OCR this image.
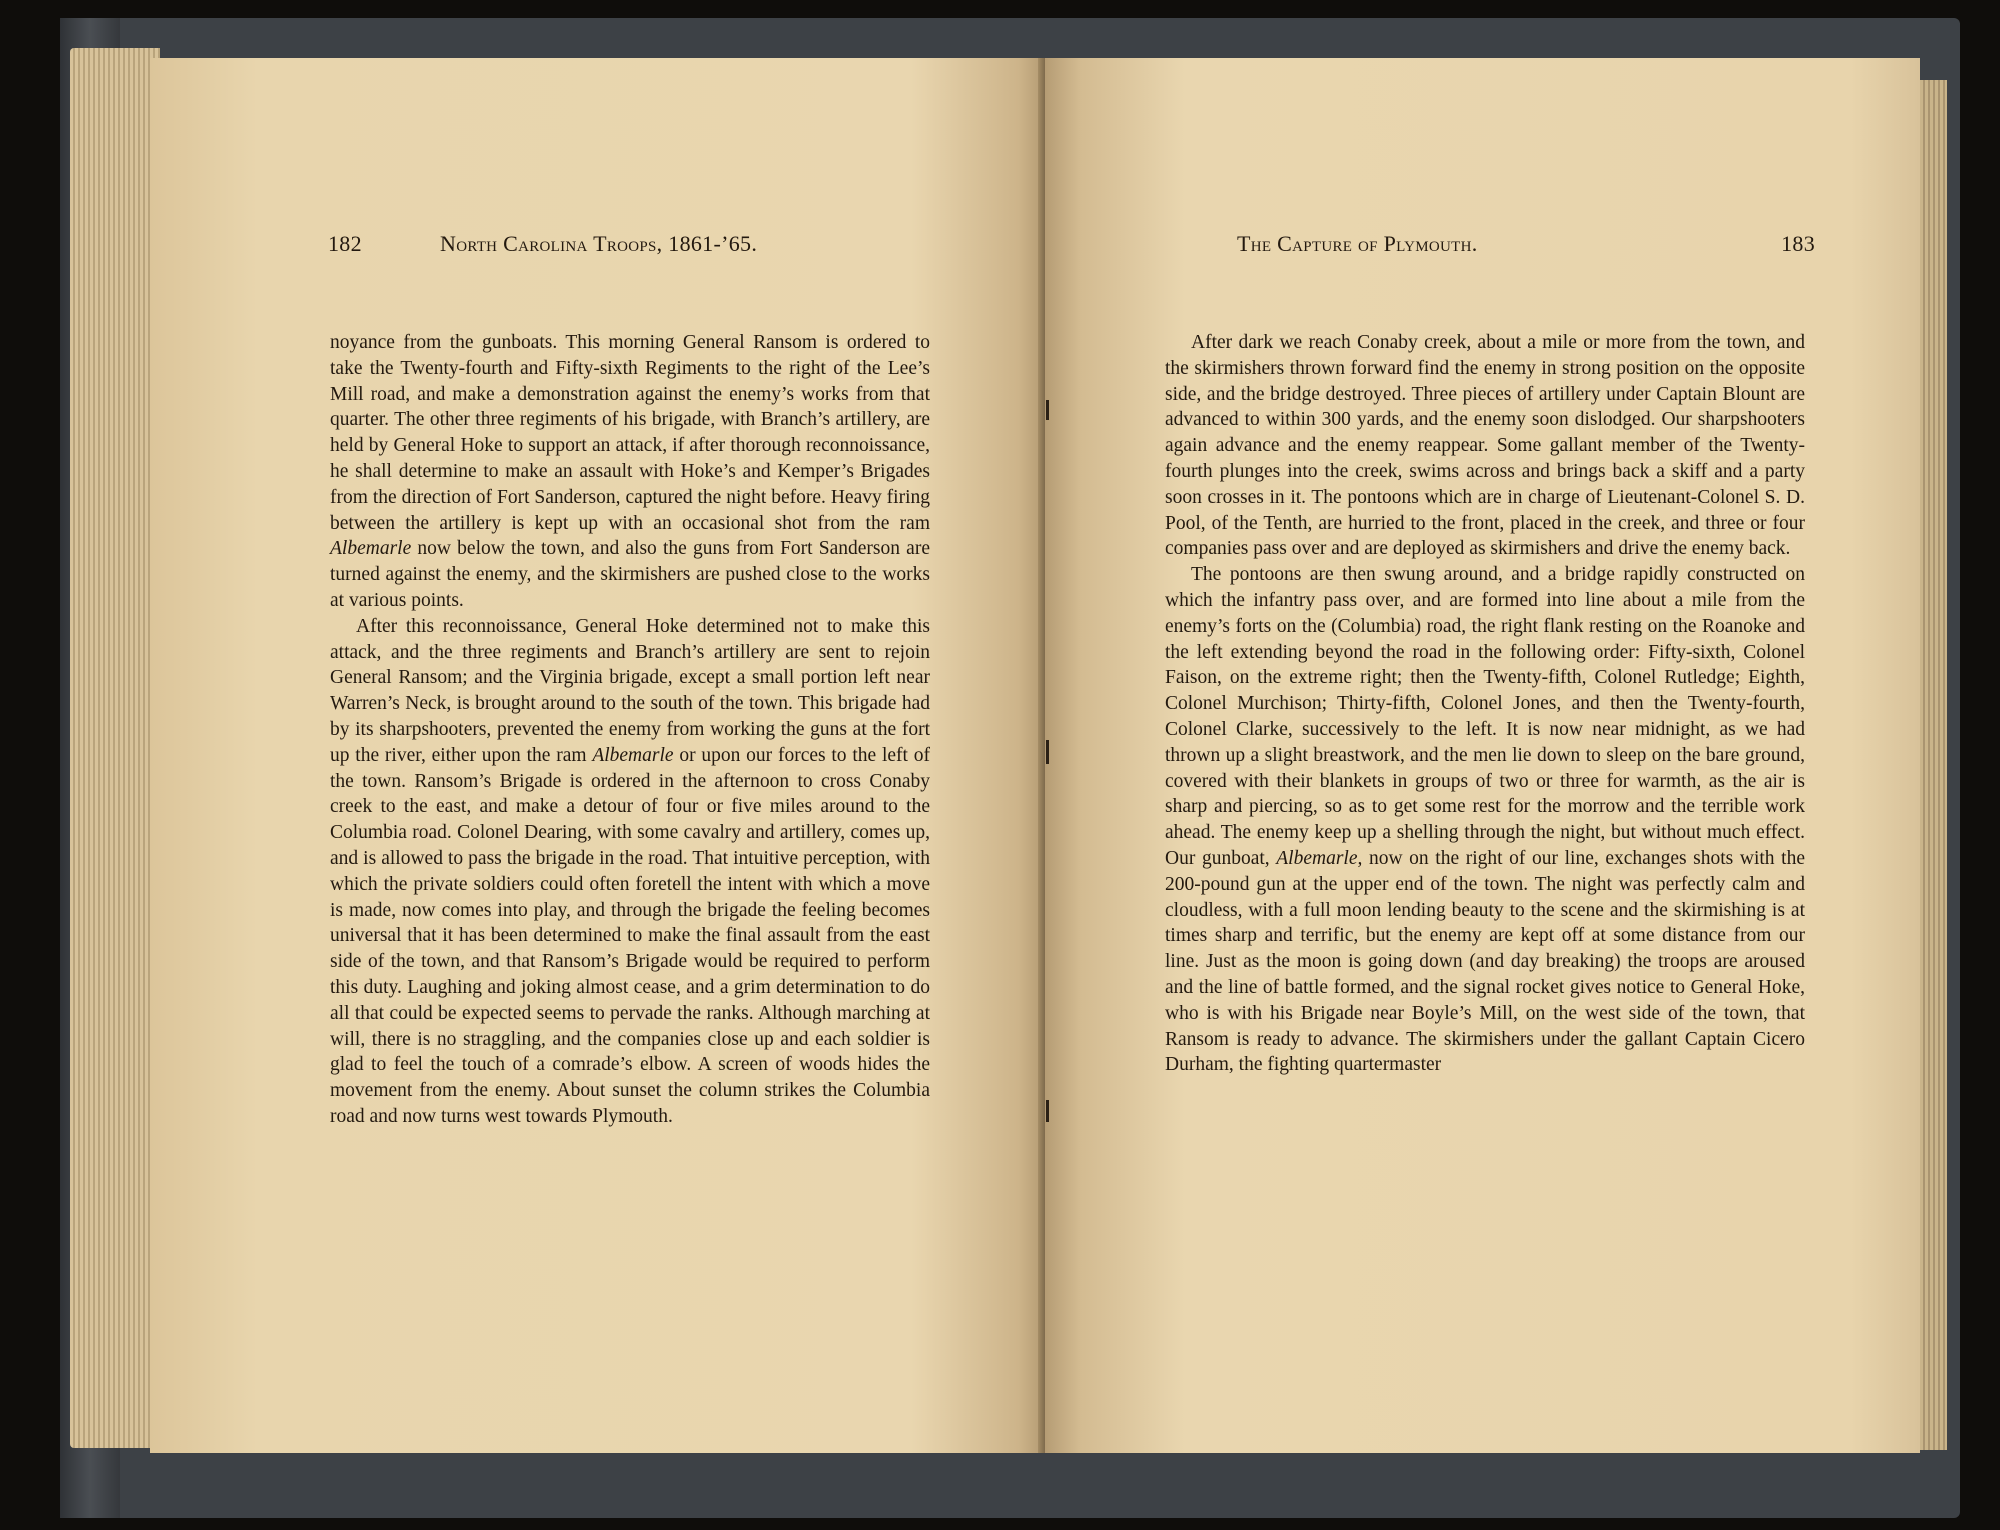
182	North Carolina Troops, 1861-’65.

noyance from the gunboats. This morning General Ransom is ordered to take the Twenty-fourth and Fifty-sixth Regiments to the right of the Lee’s Mill road, and make a demonstration against the enemy’s works from that quarter. The other three regiments of his brigade, with Branch’s artillery, are held by General Hoke to support an attack, if after thorough reconnoissance, he shall determine to make an assault with Hoke’s and Kemper’s Brigades from the direction of Fort Sanderson, captured the night before. Heavy firing between the artillery is kept up with an occasional shot from the ram Albemarle now below the town, and also the guns from Fort Sanderson are turned against the enemy, and the skirmishers are pushed close to the works at various points.

After this reconnoissance, General Hoke determined not to make this attack, and the three regiments and Branch’s artillery are sent to rejoin General Ransom; and the Virginia brigade, except a small portion left near Warren’s Neck, is brought around to the south of the town. This brigade had by its sharpshooters, prevented the enemy from working the guns at the fort up the river, either upon the ram Albemarle or upon our forces to the left of the town. Ransom’s Brigade is ordered in the afternoon to cross Conaby creek to the east, and make a detour of four or five miles around to the Columbia road. Colonel Dearing, with some cavalry and artillery, comes up, and is allowed to pass the brigade in the road. That intuitive perception, with which the private soldiers could often foretell the intent with which a move is made, now comes into play, and through the brigade the feeling becomes universal that it has been determined to make the final assault from the east side of the town, and that Ransom’s Brigade would be required to perform this duty. Laughing and joking almost cease, and a grim determination to do all that could be expected seems to pervade the ranks. Although marching at will, there is no straggling, and the companies close up and each soldier is glad to feel the touch of a comrade’s elbow. A screen of woods hides the movement from the enemy. About sunset the column strikes the Columbia road and now turns west towards Plymouth.

The Capture of Plymouth.	183

After dark we reach Conaby creek, about a mile or more from the town, and the skirmishers thrown forward find the enemy in strong position on the opposite side, and the bridge destroyed. Three pieces of artillery under Captain Blount are advanced to within 300 yards, and the enemy soon dislodged. Our sharpshooters again advance and the enemy reappear. Some gallant member of the Twenty-fourth plunges into the creek, swims across and brings back a skiff and a party soon crosses in it. The pontoons which are in charge of Lieutenant-Colonel S. D. Pool, of the Tenth, are hurried to the front, placed in the creek, and three or four companies pass over and are deployed as skirmishers and drive the enemy back.

The pontoons are then swung around, and a bridge rapidly constructed on which the infantry pass over, and are formed into line about a mile from the enemy’s forts on the (Columbia) road, the right flank resting on the Roanoke and the left extending beyond the road in the following order: Fifty-sixth, Colonel Faison, on the extreme right; then the Twenty-fifth, Colonel Rutledge; Eighth, Colonel Murchison; Thirty-fifth, Colonel Jones, and then the Twenty-fourth, Colonel Clarke, successively to the left. It is now near midnight, as we had thrown up a slight breastwork, and the men lie down to sleep on the bare ground, covered with their blankets in groups of two or three for warmth, as the air is sharp and piercing, so as to get some rest for the morrow and the terrible work ahead. The enemy keep up a shelling through the night, but without much effect. Our gunboat, Albemarle, now on the right of our line, exchanges shots with the 200-pound gun at the upper end of the town. The night was perfectly calm and cloudless, with a full moon lending beauty to the scene and the skirmishing is at times sharp and terrific, but the enemy are kept off at some distance from our line. Just as the moon is going down (and day breaking) the troops are aroused and the line of battle formed, and the signal rocket gives notice to General Hoke, who is with his Brigade near Boyle’s Mill, on the west side of the town, that Ransom is ready to advance. The skirmishers under the gallant Captain Cicero Durham, the fighting quartermaster
